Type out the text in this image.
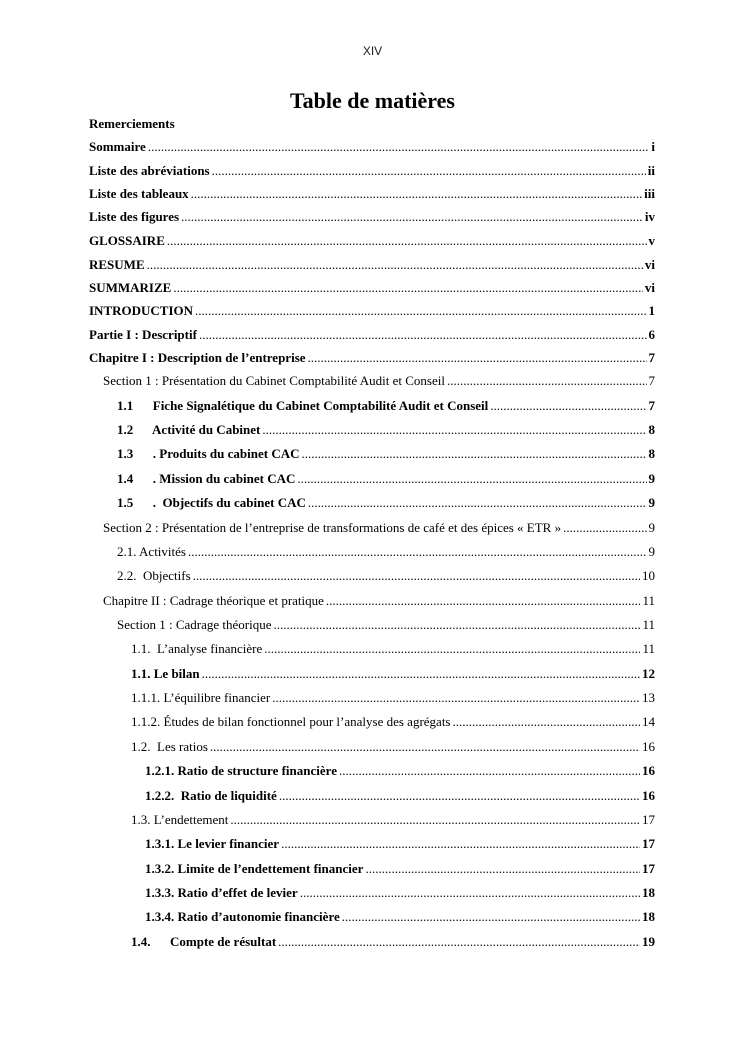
XIV
Table de matières
Remerciements
Sommaire .....	i
Liste des abréviations .....	ii
Liste des tableaux .....	iii
Liste des figures .....	iv
GLOSSAIRE .....	v
RESUME .....	vi
SUMMARIZE .....	vi
INTRODUCTION .....	1
Partie I : Descriptif .....	6
Chapitre I : Description de l’entreprise .....	7
Section 1 : Présentation du Cabinet Comptabilité Audit et Conseil .....	7
1.1      Fiche Signalétique du Cabinet Comptabilité Audit et Conseil .....	7
1.2      Activité du Cabinet .....	8
1.3      . Produits du cabinet CAC .....	8
1.4      . Mission du cabinet CAC .....	9
1.5      .  Objectifs du cabinet CAC .....	9
Section 2 : Présentation de l’entreprise de transformations de café et des épices « ETR » .....	9
2.1. Activités .....	9
2.2.  Objectifs .....	10
Chapitre II : Cadrage théorique et pratique .....	11
Section 1 : Cadrage théorique .....	11
1.1.  L’analyse financière .....	11
1.1. Le bilan .....	12
1.1.1. L’équilibre financier .....	13
1.1.2. Études de bilan fonctionnel pour l’analyse des agrégats .....	14
1.2.  Les ratios .....	16
1.2.1. Ratio de structure financière .....	16
1.2.2.  Ratio de liquidité .....	16
1.3. L’endettement .....	17
1.3.1. Le levier financier .....	17
1.3.2. Limite de l’endettement financier .....	17
1.3.3. Ratio d’effet de levier .....	18
1.3.4. Ratio d’autonomie financière .....	18
1.4.      Compte de résultat .....	19
